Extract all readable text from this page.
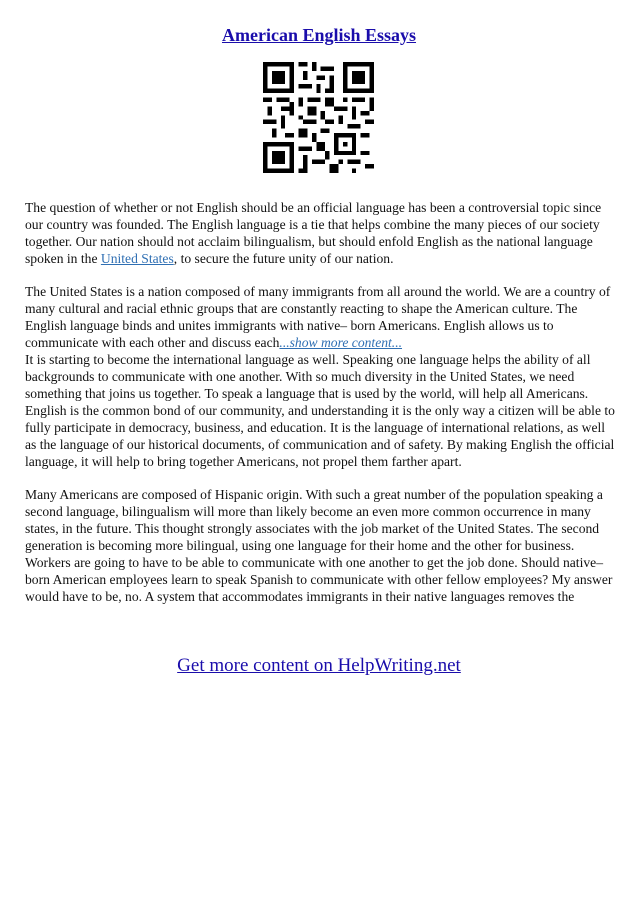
American English Essays

The question of whether or not English should be an official language has been a controversial topic since our country was founded. The English language is a tie that helps combine the many pieces of our society together. Our nation should not acclaim bilingualism, but should enfold English as the national language spoken in the United States, to secure the future unity of our nation.

The United States is a nation composed of many immigrants from all around the world. We are a country of many cultural and racial ethnic groups that are constantly reacting to shape the American culture. The English language binds and unites immigrants with native– born Americans. English allows us to communicate with each other and discuss each...show more content...

It is starting to become the international language as well. Speaking one language helps the ability of all backgrounds to communicate with one another. With so much diversity in the United States, we need something that joins us together. To speak a language that is used by the world, will help all Americans. English is the common bond of our community, and understanding it is the only way a citizen will be able to fully participate in democracy, business, and education. It is the language of international relations, as well as the language of our historical documents, of communication and of safety. By making English the official language, it will help to bring together Americans, not propel them farther apart.

Many Americans are composed of Hispanic origin. With such a great number of the population speaking a second language, bilingualism will more than likely become an even more common occurrence in many states, in the future. This thought strongly associates with the job market of the United States. The second generation is becoming more bilingual, using one language for their home and the other for business. Workers are going to have to be able to communicate with one another to get the job done. Should native– born American employees learn to speak Spanish to communicate with other fellow employees? My answer would have to be, no. A system that accommodates immigrants in their native languages removes the

Get more content on HelpWriting.net
